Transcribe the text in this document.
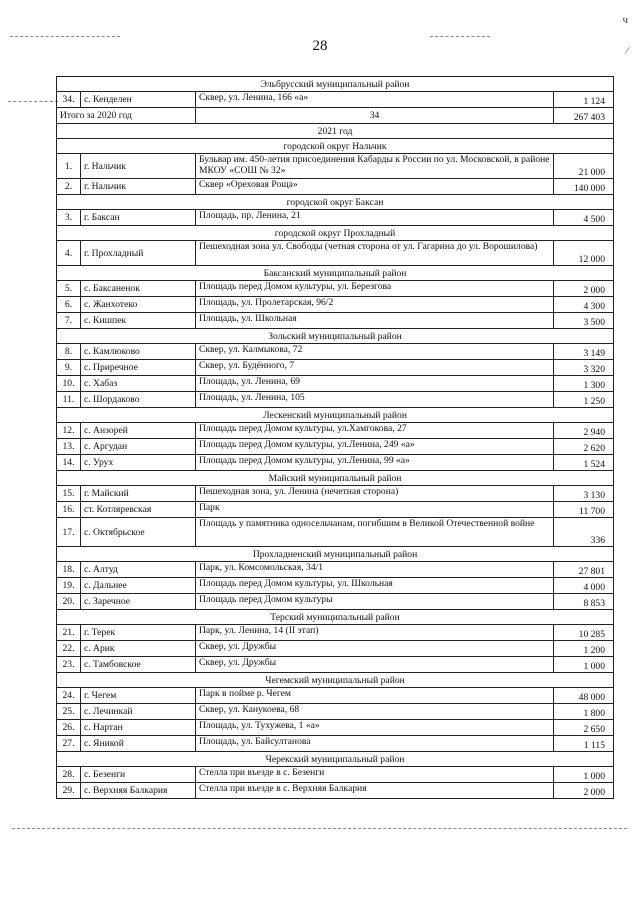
ч
⁄
28
Эльбрусский муниципальный район			
34.	с. Кенделен	Сквер, ул. Ленина, 166 «а»	1 124
Итого за 2020 год		34	267 403
2021 год			
городской округ Нальчик			
1.	г. Нальчик	Бульвар им. 450-летия присоединения Кабарды к России по ул. Московской, в районе МКОУ «СОШ № 32»	21 000
2.	г. Нальчик	Сквер «Ореховая Роща»	140 000
городской округ Баксан			
3.	г. Баксан	Площадь, пр. Ленина, 21	4 500
городской округ Прохладный			
4.	г. Прохладный	Пешеходная зона ул. Свободы (четная сторона от ул. Гагарина до ул. Ворошилова)	12 000
Баксанский муниципальный район			
5.	с. Баксаненок	Площадь перед Домом культуры, ул. Березгова	2 000
6.	с. Жанхотеко	Площадь, ул. Пролетарская, 96/2	4 300
7.	с. Кишпек	Площадь, ул. Школьная	3 500
Зольский муниципальный район			
8.	с. Камлюково	Сквер, ул. Калмыкова, 72	3 149
9.	с. Приречное	Сквер, ул. Будённого, 7	3 320
10.	с. Хабаз	Площадь, ул. Ленина, 69	1 300
11.	с. Шордаково	Площадь, ул. Ленина, 105	1 250
Лескенский муниципальный район			
12.	с. Анзорей	Площадь перед Домом культуры, ул.Хамгокова, 27	2 940
13.	с. Аргудан	Площадь перед Домом культуры, ул.Ленина, 249 «а»	2 620
14.	с. Урух	Площадь перед Домом культуры, ул.Ленина, 99 «а»	1 524
Майский муниципальный район			
15.	г. Майский	Пешеходная зона, ул. Ленина (нечетная сторона)	3 130
16.	ст. Котляревская	Парк	11 700
17.	с. Октябрьское	Площадь у памятника односельчанам, погибшим в Великой Отечественной войне	336
Прохладненский муниципальный район			
18.	с. Алтуд	Парк, ул. Комсомольская, 34/1	27 801
19.	с. Дальнее	Площадь перед Домом культуры, ул. Школьная	4 000
20.	с. Заречное	Площадь перед Домом культуры	8 853
Терский муниципальный район			
21.	г. Терек	Парк, ул. Ленина, 14 (II этап)	10 285
22.	с. Арик	Сквер, ул. Дружбы	1 200
23.	с. Тамбовское	Сквер, ул. Дружбы	1 000
Чегемский муниципальный район			
24.	г. Чегем	Парк в пойме р. Чегем	48 000
25.	с. Лечинкай	Сквер, ул. Канукоева, 68	1 800
26.	с. Нартан	Площадь, ул. Тухужева, 1 «а»	2 650
27.	с. Яникой	Площадь, ул. Байсултанова	1 115
Черекский муниципальный район			
28.	с. Безенги	Стелла при въезде в с. Безенги	1 000
29.	с. Верхняя Балкария	Стелла при въезде в с. Верхняя Балкария	2 000
